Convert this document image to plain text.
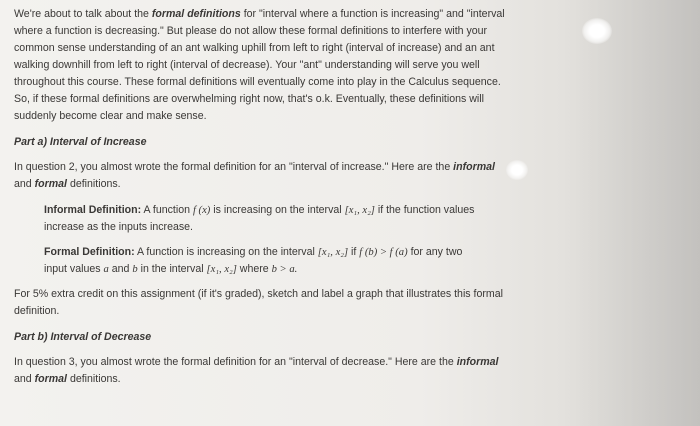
We're about to talk about the formal definitions for "interval where a function is increasing" and "interval where a function is decreasing." But please do not allow these formal definitions to interfere with your common sense understanding of an ant walking uphill from left to right (interval of increase) and an ant walking downhill from left to right (interval of decrease). Your "ant" understanding will serve you well throughout this course. These formal definitions will eventually come into play in the Calculus sequence. So, if these formal definitions are overwhelming right now, that's o.k. Eventually, these definitions will suddenly become clear and make sense.

Part a) Interval of Increase

In question 2, you almost wrote the formal definition for an "interval of increase." Here are the informal and formal definitions.

Informal Definition: A function f (x) is increasing on the interval [x₁, x₂] if the function values increase as the inputs increase.

Formal Definition: A function is increasing on the interval [x₁, x₂] if f (b) > f (a) for any two input values a and b in the interval [x₁, x₂] where b > a.

For 5% extra credit on this assignment (if it's graded), sketch and label a graph that illustrates this formal definition.

Part b) Interval of Decrease

In question 3, you almost wrote the formal definition for an "interval of decrease." Here are the informal and formal definitions.
